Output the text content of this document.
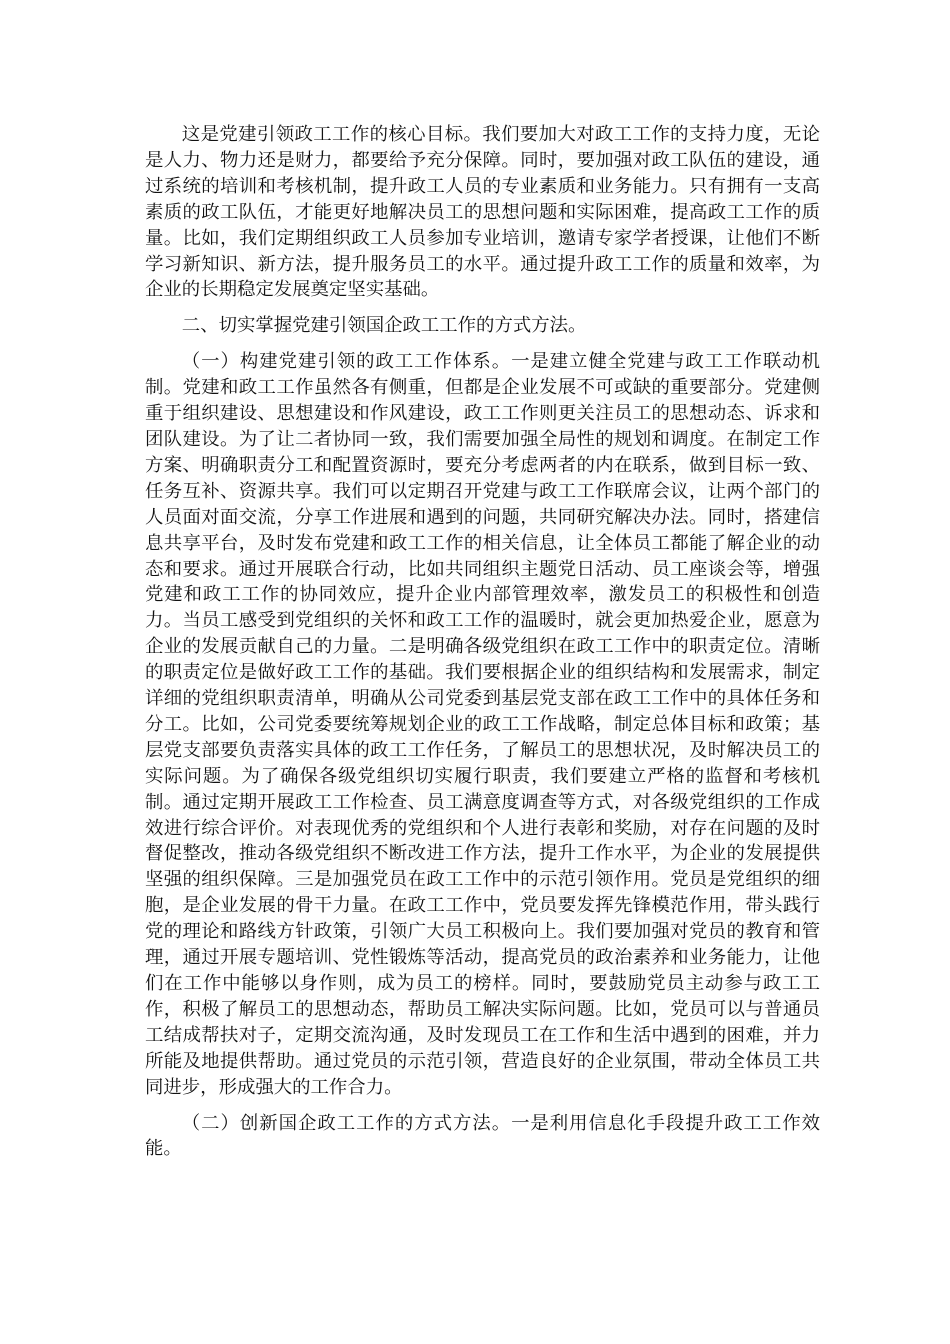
这是党建引领政工工作的核心目标。我们要加大对政工工作的支持力度，无论是人力、物力还是财力，都要给予充分保障。同时，要加强对政工队伍的建设，通过系统的培训和考核机制，提升政工人员的专业素质和业务能力。只有拥有一支高素质的政工队伍，才能更好地解决员工的思想问题和实际困难，提高政工工作的质量。比如，我们定期组织政工人员参加专业培训，邀请专家学者授课，让他们不断学习新知识、新方法，提升服务员工的水平。通过提升政工工作的质量和效率，为企业的长期稳定发展奠定坚实基础。

二、切实掌握党建引领国企政工工作的方式方法。

（一）构建党建引领的政工工作体系。一是建立健全党建与政工工作联动机制。党建和政工工作虽然各有侧重，但都是企业发展不可或缺的重要部分。党建侧重于组织建设、思想建设和作风建设，政工工作则更关注员工的思想动态、诉求和团队建设。为了让二者协同一致，我们需要加强全局性的规划和调度。在制定工作方案、明确职责分工和配置资源时，要充分考虑两者的内在联系，做到目标一致、任务互补、资源共享。我们可以定期召开党建与政工工作联席会议，让两个部门的人员面对面交流，分享工作进展和遇到的问题，共同研究解决办法。同时，搭建信息共享平台，及时发布党建和政工工作的相关信息，让全体员工都能了解企业的动态和要求。通过开展联合行动，比如共同组织主题党日活动、员工座谈会等，增强党建和政工工作的协同效应，提升企业内部管理效率，激发员工的积极性和创造力。当员工感受到党组织的关怀和政工工作的温暖时，就会更加热爱企业，愿意为企业的发展贡献自己的力量。二是明确各级党组织在政工工作中的职责定位。清晰的职责定位是做好政工工作的基础。我们要根据企业的组织结构和发展需求，制定详细的党组织职责清单，明确从公司党委到基层党支部在政工工作中的具体任务和分工。比如，公司党委要统筹规划企业的政工工作战略，制定总体目标和政策；基层党支部要负责落实具体的政工工作任务，了解员工的思想状况，及时解决员工的实际问题。为了确保各级党组织切实履行职责，我们要建立严格的监督和考核机制。通过定期开展政工工作检查、员工满意度调查等方式，对各级党组织的工作成效进行综合评价。对表现优秀的党组织和个人进行表彰和奖励，对存在问题的及时督促整改，推动各级党组织不断改进工作方法，提升工作水平，为企业的发展提供坚强的组织保障。三是加强党员在政工工作中的示范引领作用。党员是党组织的细胞，是企业发展的骨干力量。在政工工作中，党员要发挥先锋模范作用，带头践行党的理论和路线方针政策，引领广大员工积极向上。我们要加强对党员的教育和管理，通过开展专题培训、党性锻炼等活动，提高党员的政治素养和业务能力，让他们在工作中能够以身作则，成为员工的榜样。同时，要鼓励党员主动参与政工工作，积极了解员工的思想动态，帮助员工解决实际问题。比如，党员可以与普通员工结成帮扶对子，定期交流沟通，及时发现员工在工作和生活中遇到的困难，并力所能及地提供帮助。通过党员的示范引领，营造良好的企业氛围，带动全体员工共同进步，形成强大的工作合力。

（二）创新国企政工工作的方式方法。一是利用信息化手段提升政工工作效能。
